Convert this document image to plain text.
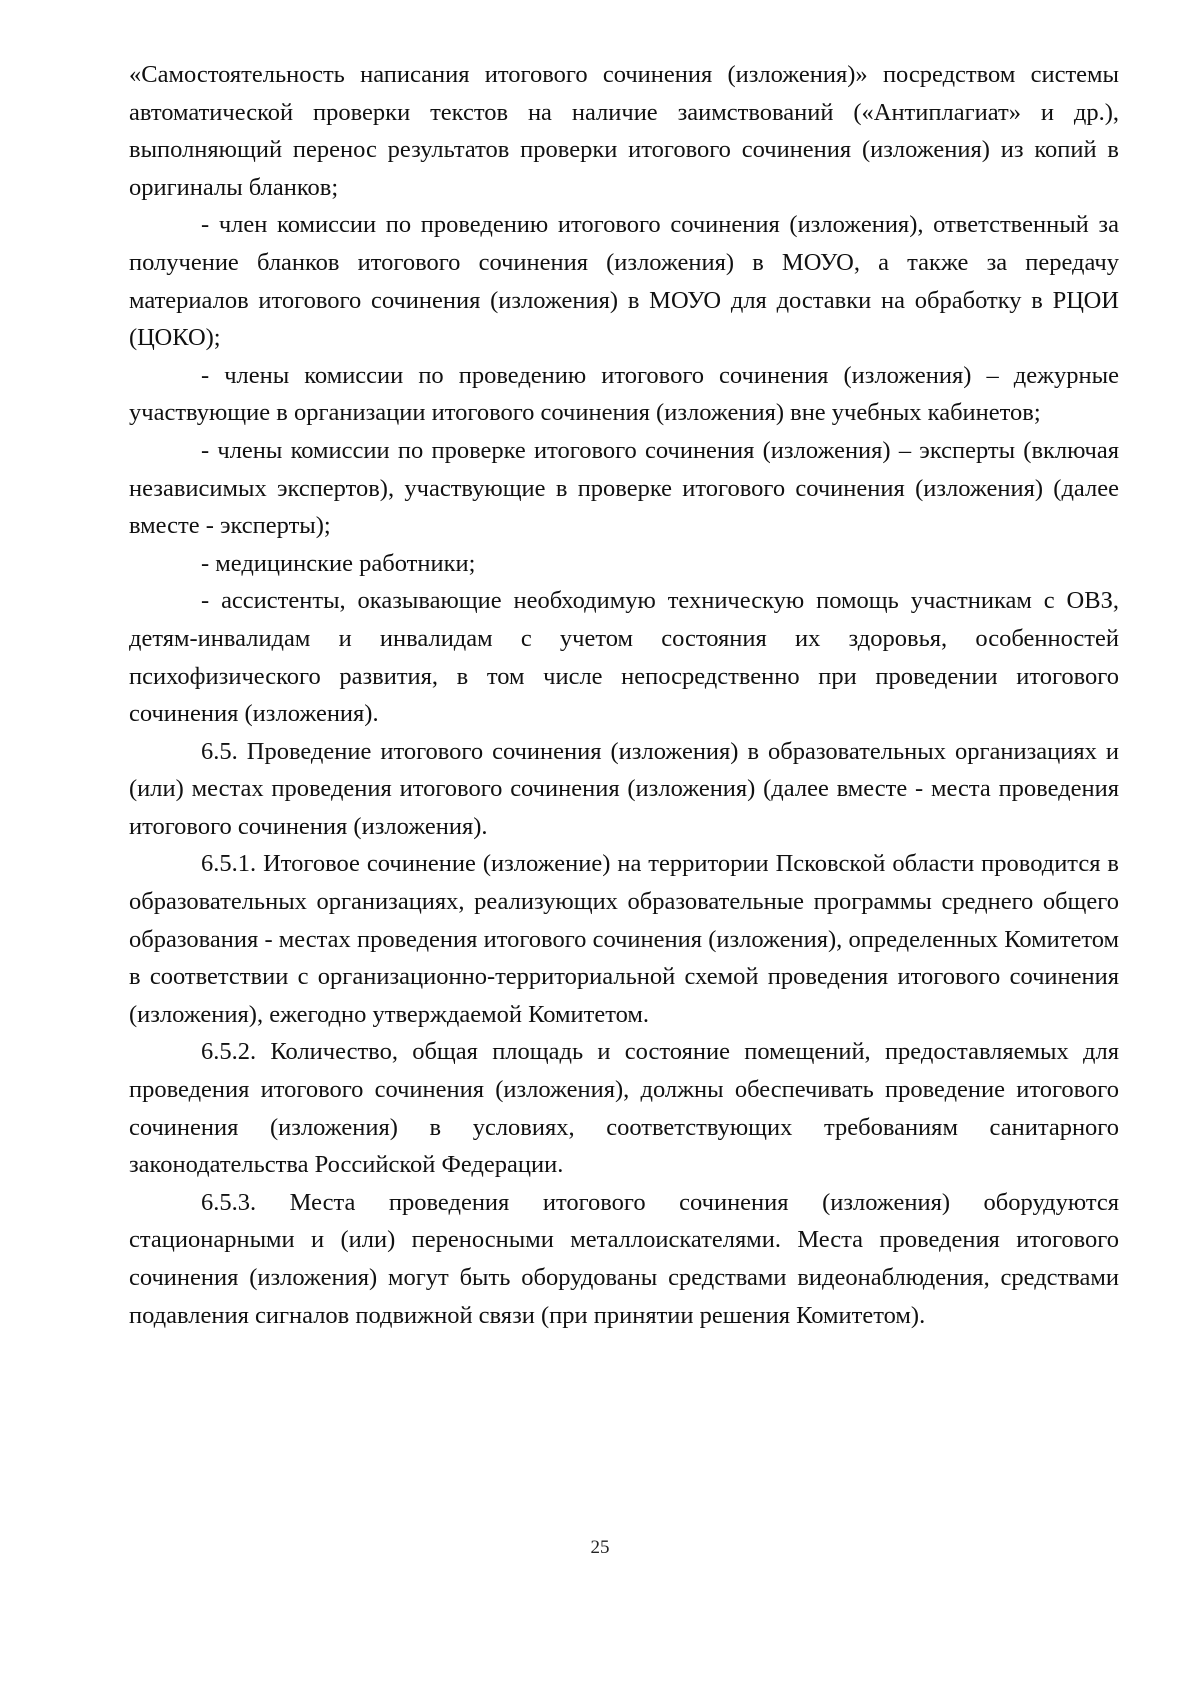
«Самостоятельность написания итогового сочинения (изложения)» посредством системы автоматической проверки текстов на наличие заимствований («Антиплагиат» и др.), выполняющий перенос результатов проверки итогового сочинения (изложения) из копий в оригиналы бланков;

- член комиссии по проведению итогового сочинения (изложения), ответственный за получение бланков итогового сочинения (изложения) в МОУО, а также за передачу материалов итогового сочинения (изложения) в МОУО для доставки на обработку в РЦОИ (ЦОКО);

- члены комиссии по проведению итогового сочинения (изложения) – дежурные участвующие в организации итогового сочинения (изложения) вне учебных кабинетов;

- члены комиссии по проверке итогового сочинения (изложения) – эксперты (включая независимых экспертов), участвующие в проверке итогового сочинения (изложения) (далее вместе - эксперты);

- медицинские работники;

- ассистенты, оказывающие необходимую техническую помощь участникам с ОВЗ, детям-инвалидам и инвалидам с учетом состояния их здоровья, особенностей психофизического развития, в том числе непосредственно при проведении итогового сочинения (изложения).

6.5. Проведение итогового сочинения (изложения) в образовательных организациях и (или) местах проведения итогового сочинения (изложения) (далее вместе - места проведения итогового сочинения (изложения).

6.5.1. Итоговое сочинение (изложение) на территории Псковской области проводится в образовательных организациях, реализующих образовательные программы среднего общего образования - местах проведения итогового сочинения (изложения), определенных Комитетом в соответствии с организационно-территориальной схемой проведения итогового сочинения (изложения), ежегодно утверждаемой Комитетом.

6.5.2. Количество, общая площадь и состояние помещений, предоставляемых для проведения итогового сочинения (изложения), должны обеспечивать проведение итогового сочинения (изложения) в условиях, соответствующих требованиям санитарного законодательства Российской Федерации.

6.5.3. Места проведения итогового сочинения (изложения) оборудуются стационарными и (или) переносными металлоискателями. Места проведения итогового сочинения (изложения) могут быть оборудованы средствами видеонаблюдения, средствами подавления сигналов подвижной связи (при принятии решения Комитетом).

25
